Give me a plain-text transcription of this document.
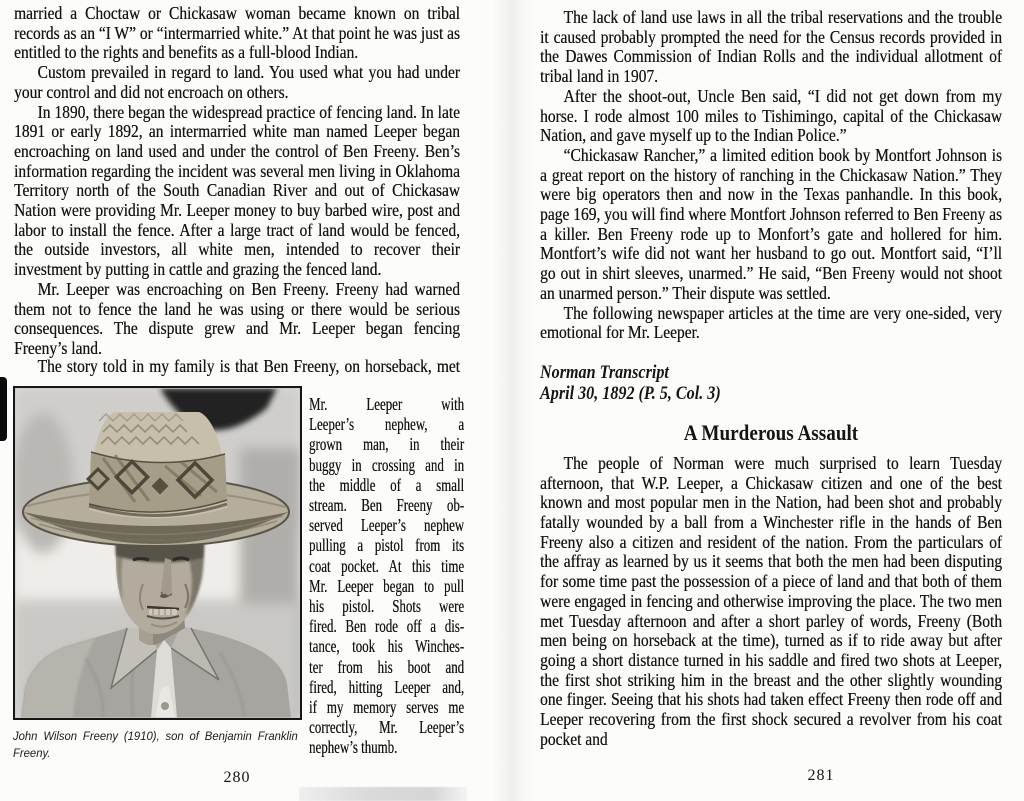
married a Choctaw or Chickasaw woman became known on tribal records as an “I W” or “intermarried white.” At that point he was just as entitled to the rights and benefits as a full-blood Indian.

Custom prevailed in regard to land. You used what you had under your control and did not encroach on others.

In 1890, there began the widespread practice of fencing land. In late 1891 or early 1892, an intermarried white man named Leeper began encroaching on land used and under the control of Ben Freeny. Ben’s information regarding the incident was several men living in Oklahoma Territory north of the South Canadian River and out of Chickasaw Nation were providing Mr. Leeper money to buy barbed wire, post and labor to install the fence. After a large tract of land would be fenced, the outside investors, all white men, intended to recover their investment by putting in cattle and grazing the fenced land.

Mr. Leeper was encroaching on Ben Freeny. Freeny had warned them not to fence the land he was using or there would be serious consequences. The dispute grew and Mr. Leeper began fencing Freeny’s land.

The story told in my family is that Ben Freeny, on horseback, met

John Wilson Freeny (1910), son of Benjamin Franklin
Freeny.
Mr. Leeper with
Leeper’s nephew, a
grown man, in their
buggy in crossing and in
the middle of a small
stream. Ben Freeny ob-
served Leeper’s nephew
pulling a pistol from its
coat pocket. At this time
Mr. Leeper began to pull
his pistol. Shots were
fired. Ben rode off a dis-
tance, took his Winches-
ter from his boot and
fired, hitting Leeper and,
if my memory serves me
correctly, Mr. Leeper’s
nephew’s thumb.
280

The lack of land use laws in all the tribal reservations and the trouble it caused probably prompted the need for the Census records provided in the Dawes Commission of Indian Rolls and the individual allotment of tribal land in 1907.

After the shoot-out, Uncle Ben said, “I did not get down from my horse. I rode almost 100 miles to Tishimingo, capital of the Chickasaw Nation, and gave myself up to the Indian Police.”

“Chickasaw Rancher,” a limited edition book by Montfort Johnson is a great report on the history of ranching in the Chickasaw Nation.” They were big operators then and now in the Texas panhandle. In this book, page 169, you will find where Montfort Johnson referred to Ben Freeny as a killer. Ben Freeny rode up to Monfort’s gate and hollered for him. Montfort’s wife did not want her husband to go out. Montfort said, “I’ll go out in shirt sleeves, unarmed.” He said, “Ben Freeny would not shoot an unarmed person.” Their dispute was settled.

The following newspaper articles at the time are very one-sided, very emotional for Mr. Leeper.

Norman Transcript
April 30, 1892 (P. 5, Col. 3)
A Murderous Assault

The people of Norman were much surprised to learn Tuesday afternoon, that W.P. Leeper, a Chickasaw citizen and one of the best known and most popular men in the Nation, had been shot and probably fatally wounded by a ball from a Winchester rifle in the hands of Ben Freeny also a citizen and resident of the nation. From the particulars of the affray as learned by us it seems that both the men had been disputing for some time past the possession of a piece of land and that both of them were engaged in fencing and otherwise improving the place. The two men met Tuesday afternoon and after a short parley of words, Freeny (Both men being on horseback at the time), turned as if to ride away but after going a short distance turned in his saddle and fired two shots at Leeper, the first shot striking him in the breast and the other slightly wounding one finger. Seeing that his shots had taken effect Freeny then rode off and Leeper recovering from the first shock secured a revolver from his coat pocket and

281
